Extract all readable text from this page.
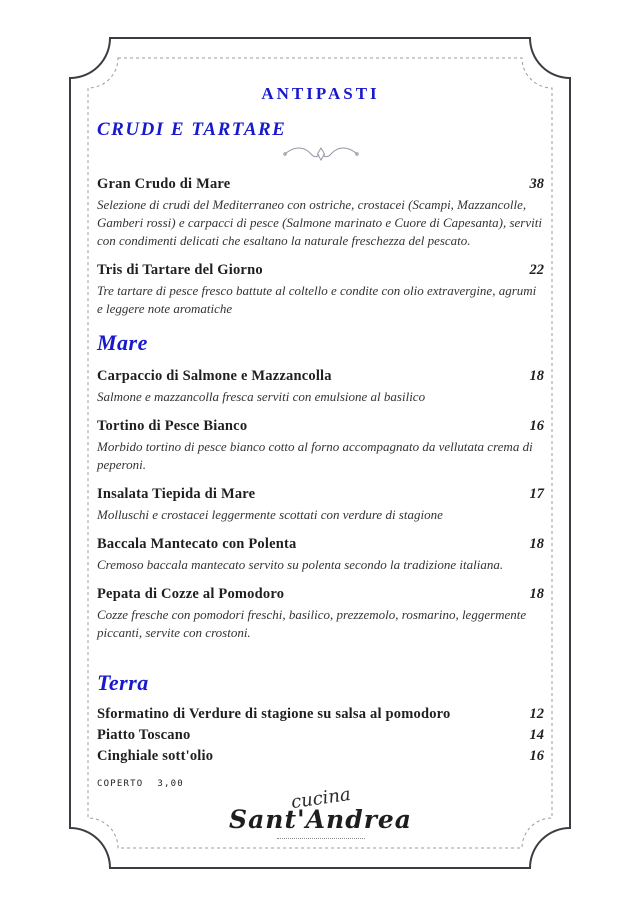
ANTIPASTI
CRUDI E TARTARE
Gran Crudo di Mare	38

Selezione di crudi del Mediterraneo con ostriche, crostacei (Scampi, Mazzancolle, Gamberi rossi) e carpacci di pesce (Salmone marinato e Cuore di Capesanta), serviti con condimenti delicati che esaltano la naturale freschezza del pescato.

Tris di Tartare del Giorno	22

Tre tartare di pesce fresco battute al coltello e condite con olio extravergine, agrumi e leggere note aromatiche

Mare
Carpaccio di Salmone e Mazzancolla	18

Salmone e mazzancolla fresca serviti con emulsione al basilico

Tortino di Pesce Bianco	16

Morbido tortino di pesce bianco cotto al forno accompagnato da vellutata crema di peperoni.

Insalata Tiepida di Mare	17

Molluschi e crostacei leggermente scottati con verdure di stagione

Baccala Mantecato con Polenta	18

Cremoso baccala mantecato servito su polenta secondo la tradizione italiana.

Pepata di Cozze al Pomodoro	18

Cozze fresche con pomodori freschi, basilico, prezzemolo, rosmarino, leggermente piccanti, servite con crostoni.

Terra
Sformatino di Verdure di stagione su salsa al pomodoro	12
Piatto Toscano	14
Cinghiale sott'olio	16
COPERTO 3,00	cucina
Sant'Andrea
